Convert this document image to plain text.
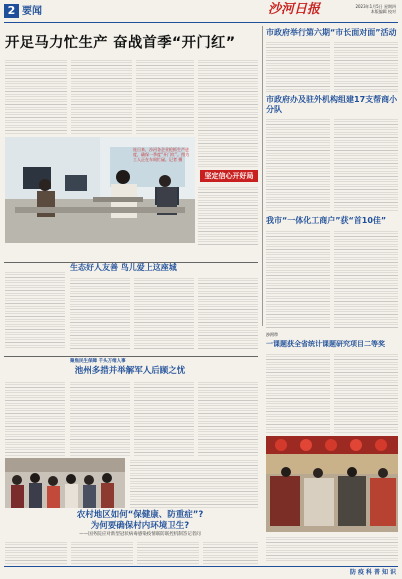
2 要闻	沙河日报	2023年1月5日 星期四
本版编辑 校对
开足马力忙生产 奋战首季“开门红”
坚定信心开好局
连日来，沙河各企业抢抓生产进度，确保一季度“开门红”。图为工人正在车间忙碌。记者 摄
市政府举行第六期“市长面对面”活动
市政府办及驻外机构组建17支帮商小分队
我市“一体化工商户”获“首10佳”
生态好人友善 鸟儿爱上这座城
沙河市
一课题获全省统计课题研究项目二等奖
聚焦民生保障 千头万绪人事
池州多措并举解军人后顾之忧
农村地区如何“保健康、防重症”?
为何要确保村内环境卫生?
——国务院应对新型冠状病毒感染疫情联防联控机制答记者问
防疫科普知识
